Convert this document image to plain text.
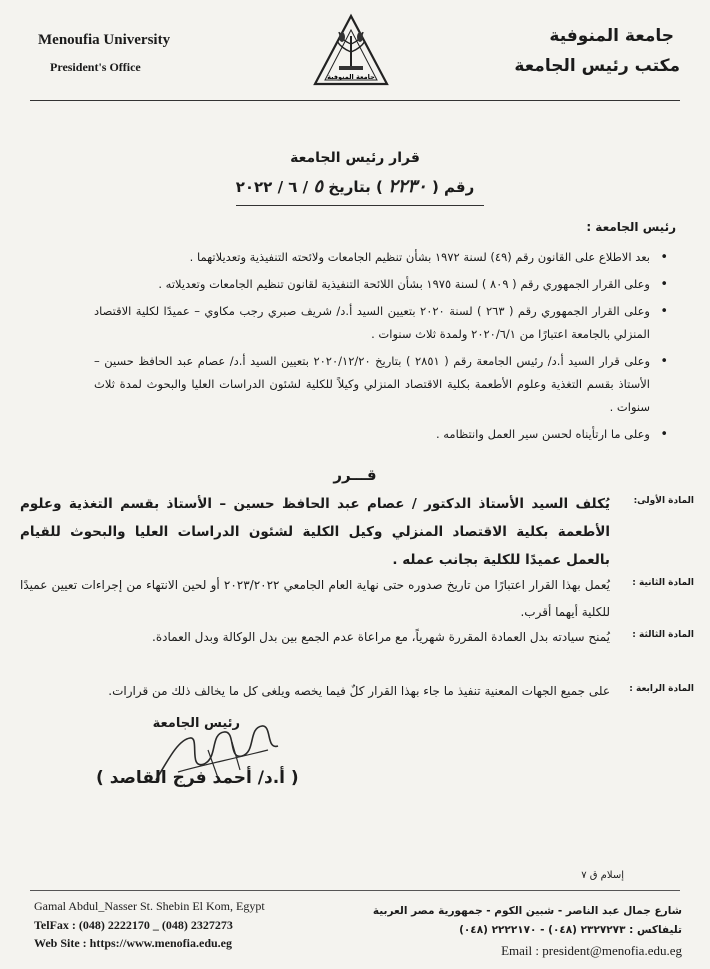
Menoufia University
President's Office
جامعة المنوفية
مكتب رئيس الجامعة
جامعة المنوفية
قرار رئيس الجامعة
رقم ( ٢٢٣٠ ) بتاريخ ٥ / ٦ / ٢٠٢٢
رئيس الجامعة :
• بعد الاطلاع على القانون رقم (٤٩) لسنة ١٩٧٢ بشأن تنظيم الجامعات ولائحته التنفيذية وتعديلاتهما .
• وعلى القرار الجمهوري رقم ( ٨٠٩ ) لسنة ١٩٧٥ بشأن اللائحة التنفيذية لقانون تنظيم الجامعات وتعديلاته .
• وعلى القرار الجمهوري رقم ( ٢٦٣ ) لسنة ٢٠٢٠ بتعيين السيد أ.د/ شريف صبري رجب مكاوي – عميدًا لكلية الاقتصاد المنزلي بالجامعة اعتبارًا من ٢٠٢٠/٦/١ ولمدة ثلاث سنوات .
• وعلى قرار السيد أ.د/ رئيس الجامعة رقم ( ٢٨٥١ ) بتاريخ ٢٠٢٠/١٢/٢٠ بتعيين السيد أ.د/ عصام عبد الحافظ حسين – الأستاذ بقسم التغذية وعلوم الأطعمة بكلية الاقتصاد المنزلي وكيلاً للكلية لشئون الدراسات العليا والبحوث لمدة ثلاث سنوات .
• وعلى ما ارتأيناه لحسن سير العمل وانتظامه .
قـــرر
المادة الأولى:
يُكلف السيد الأستاذ الدكتور / عصام عبد الحافظ حسين – الأستاذ بقسم التغذية وعلوم الأطعمة بكلية الاقتصاد المنزلي وكيل الكلية لشئون الدراسات العليا والبحوث للقيام بالعمل عميدًا للكلية بجانب عمله .
المادة الثانية :
يُعمل بهذا القرار اعتبارًا من تاريخ صدوره حتى نهاية العام الجامعي ٢٠٢٣/٢٠٢٢ أو لحين الانتهاء من إجراءات تعيين عميدًا للكلية أيهما أقرب.
المادة الثالثة :
يُمنح سيادته بدل العمادة المقررة شهرياً، مع مراعاة عدم الجمع بين بدل الوكالة وبدل العمادة.
المادة الرابعة :
على جميع الجهات المعنية تنفيذ ما جاء بهذا القرار كلٌ فيما يخصه ويلغى كل ما يخالف ذلك من قرارات.
رئيس الجامعة
( أ.د/ أحمد فرج القاصد )
إسلام ق ٧
Gamal Abdul_Nasser St. Shebin El Kom, Egypt
TelFax : (048) 2222170 _ (048) 2327273
Web Site : https://www.menofia.edu.eg
شارع جمال عبد الناصر - شبين الكوم - جمهورية مصر العربية
تليفاكس : ٢٣٢٧٢٧٣ (٠٤٨) - ٢٢٢٢١٧٠ (٠٤٨)
Email : president@menofia.edu.eg
